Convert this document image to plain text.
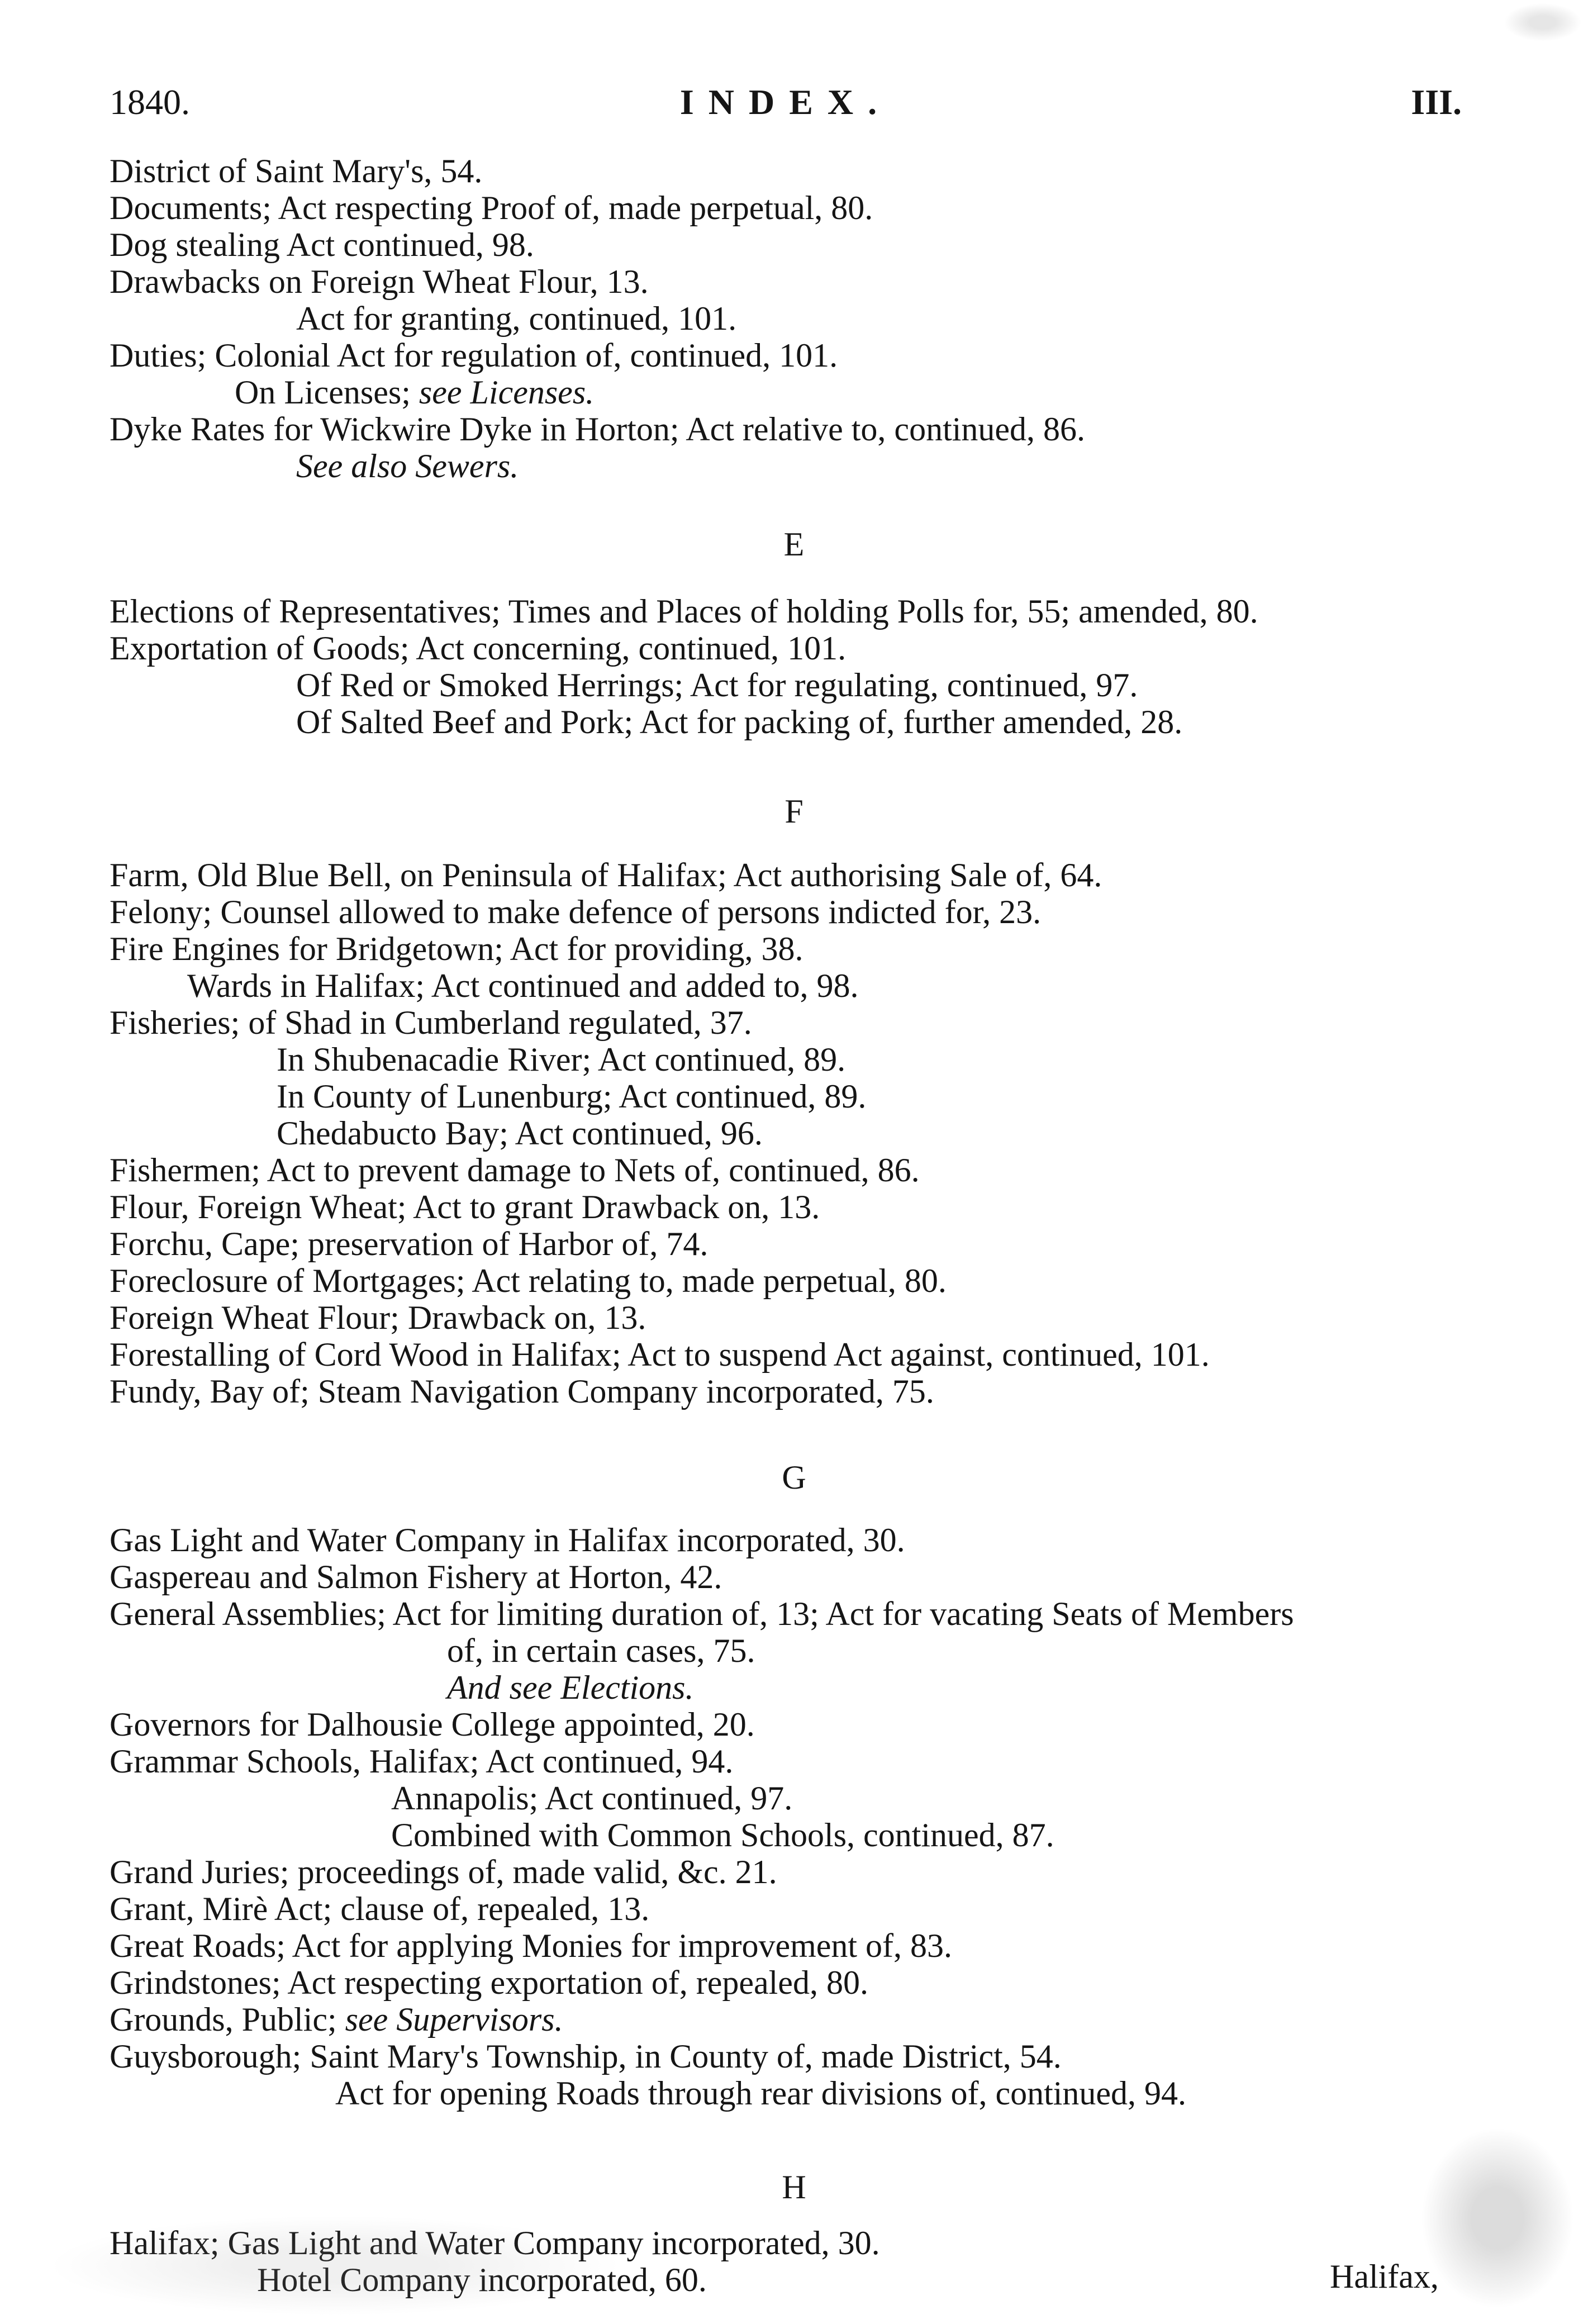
1840.	INDEX.	III.
District of Saint Mary's, 54.
Documents; Act respecting Proof of, made perpetual, 80.
Dog stealing Act continued, 98.
Drawbacks on Foreign Wheat Flour, 13.
Act for granting, continued, 101.
Duties; Colonial Act for regulation of, continued, 101.
On Licenses; see Licenses.
Dyke Rates for Wickwire Dyke in Horton; Act relative to, continued, 86.
See also Sewers.
E
Elections of Representatives; Times and Places of holding Polls for, 55; amended, 80.
Exportation of Goods; Act concerning, continued, 101.
Of Red or Smoked Herrings; Act for regulating, continued, 97.
Of Salted Beef and Pork; Act for packing of, further amended, 28.
F
Farm, Old Blue Bell, on Peninsula of Halifax; Act authorising Sale of, 64.
Felony; Counsel allowed to make defence of persons indicted for, 23.
Fire Engines for Bridgetown; Act for providing, 38.
Wards in Halifax; Act continued and added to, 98.
Fisheries; of Shad in Cumberland regulated, 37.
In Shubenacadie River; Act continued, 89.
In County of Lunenburg; Act continued, 89.
Chedabucto Bay; Act continued, 96.
Fishermen; Act to prevent damage to Nets of, continued, 86.
Flour, Foreign Wheat; Act to grant Drawback on, 13.
Forchu, Cape; preservation of Harbor of, 74.
Foreclosure of Mortgages; Act relating to, made perpetual, 80.
Foreign Wheat Flour; Drawback on, 13.
Forestalling of Cord Wood in Halifax; Act to suspend Act against, continued, 101.
Fundy, Bay of; Steam Navigation Company incorporated, 75.
G
Gas Light and Water Company in Halifax incorporated, 30.
Gaspereau and Salmon Fishery at Horton, 42.
General Assemblies; Act for limiting duration of, 13; Act for vacating Seats of Members
of, in certain cases, 75.
And see Elections.
Governors for Dalhousie College appointed, 20.
Grammar Schools, Halifax; Act continued, 94.
Annapolis; Act continued, 97.
Combined with Common Schools, continued, 87.
Grand Juries; proceedings of, made valid, &c. 21.
Grant, Mirè Act; clause of, repealed, 13.
Great Roads; Act for applying Monies for improvement of, 83.
Grindstones; Act respecting exportation of, repealed, 80.
Grounds, Public; see Supervisors.
Guysborough; Saint Mary's Township, in County of, made District, 54.
Act for opening Roads through rear divisions of, continued, 94.
H
Halifax; Gas Light and Water Company incorporated, 30.
Hotel Company incorporated, 60.	Halifax,
